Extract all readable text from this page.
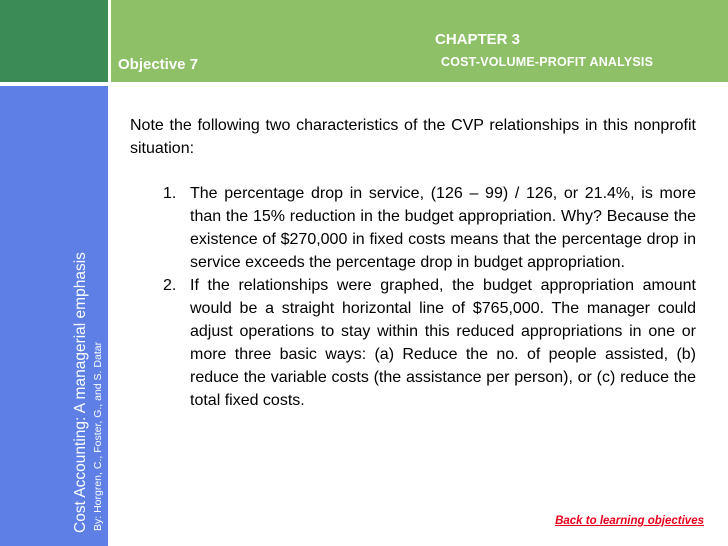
Cost Accounting: A managerial emphasis By: Horgren, C., Foster, G., and S. Datar
Objective 7
CHAPTER 3
COST-VOLUME-PROFIT ANALYSIS

Note the following two characteristics of the CVP relationships in this nonprofit situation:

1. The percentage drop in service, (126 – 99) / 126, or 21.4%, is more than the 15% reduction in the budget appropriation. Why? Because the existence of $270,000 in fixed costs means that the percentage drop in service exceeds the percentage drop in budget appropriation.
2. If the relationships were graphed, the budget appropriation amount would be a straight horizontal line of $765,000. The manager could adjust operations to stay within this reduced appropriations in one or more three basic ways: (a) Reduce the no. of people assisted, (b) reduce the variable costs (the assistance per person), or (c) reduce the total fixed costs.
Back to learning objectives
